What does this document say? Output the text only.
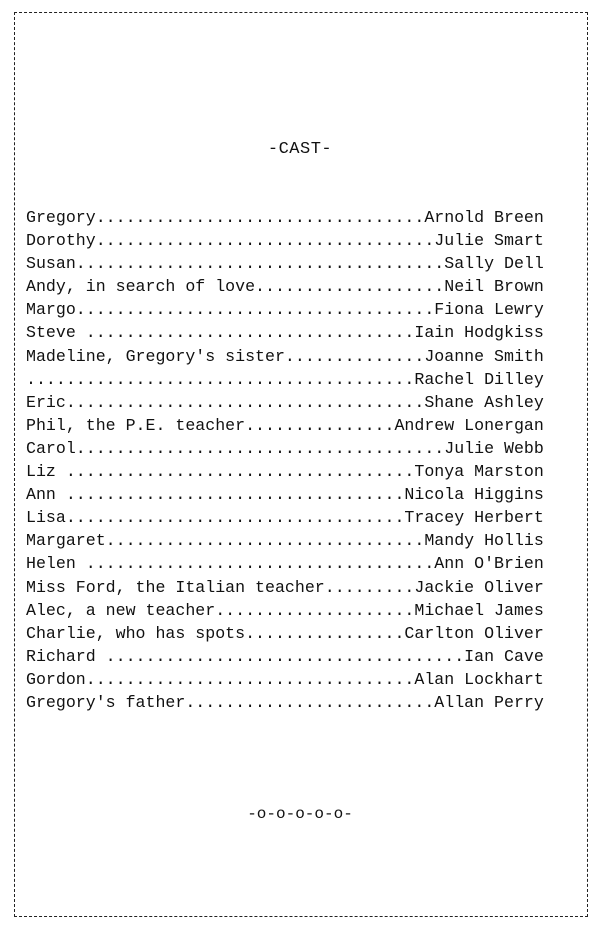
-CAST-
Gregory.................................Arnold Breen
Dorothy..................................Julie Smart
Susan.....................................Sally Dell
Andy, in search of love...................Neil Brown
Margo....................................Fiona Lewry
Steve .................................Iain Hodgkiss
Madeline, Gregory's sister..............Joanne Smith
.......................................Rachel Dilley
Eric....................................Shane Ashley
Phil, the P.E. teacher...............Andrew Lonergan
Carol.....................................Julie Webb
Liz ...................................Tonya Marston
Ann ..................................Nicola Higgins
Lisa..................................Tracey Herbert
Margaret................................Mandy Hollis
Helen ...................................Ann O'Brien
Miss Ford, the Italian teacher.........Jackie Oliver
Alec, a new teacher....................Michael James
Charlie, who has spots................Carlton Oliver
Richard ....................................Ian Cave
Gordon.................................Alan Lockhart
Gregory's father.........................Allan Perry
-o-o-o-o-o-
